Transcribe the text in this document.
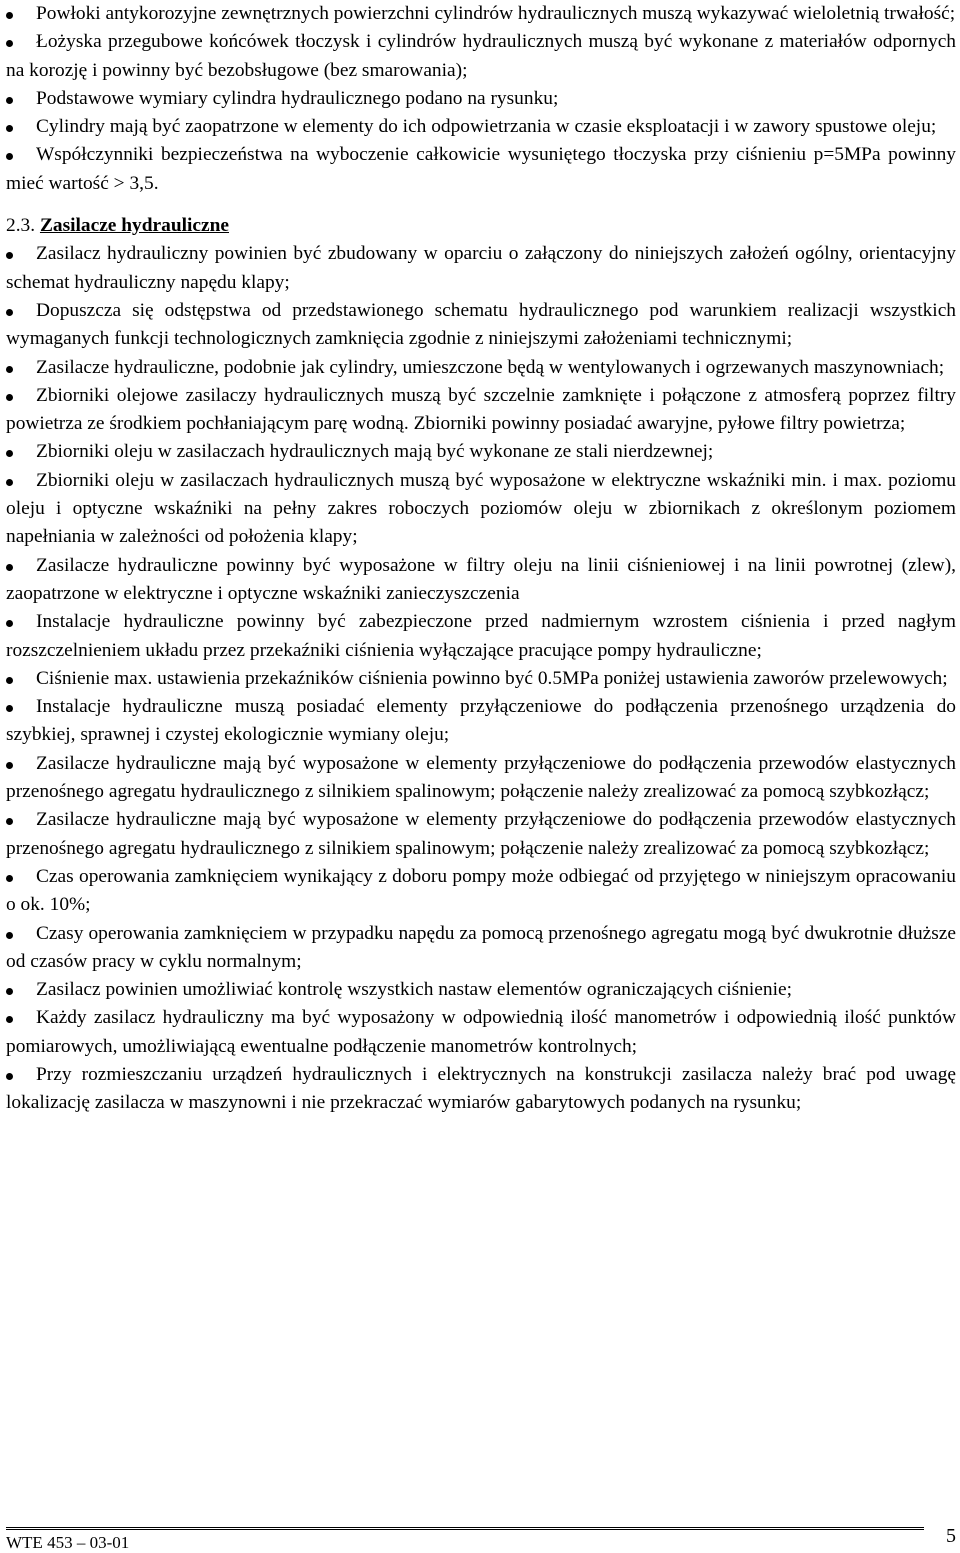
Powłoki antykorozyjne zewnętrznych powierzchni cylindrów hydraulicznych muszą wykazywać wieloletnią trwałość;
Łożyska przegubowe końcówek tłoczysk i cylindrów hydraulicznych muszą być wykonane z materiałów odpornych na korozję i powinny być bezobsługowe (bez smarowania);
Podstawowe wymiary cylindra hydraulicznego podano na rysunku;
Cylindry mają być zaopatrzone w elementy do ich odpowietrzania w czasie eksploatacji i w zawory spustowe oleju;
Współczynniki bezpieczeństwa na wyboczenie całkowicie wysuniętego tłoczyska przy ciśnieniu p=5MPa powinny mieć wartość > 3,5.
2.3. Zasilacze hydrauliczne
Zasilacz hydrauliczny powinien być zbudowany w oparciu o załączony do niniejszych założeń ogólny, orientacyjny schemat hydrauliczny napędu klapy;
Dopuszcza się odstępstwa od przedstawionego schematu hydraulicznego pod warunkiem realizacji wszystkich wymaganych funkcji technologicznych zamknięcia zgodnie z niniejszymi założeniami technicznymi;
Zasilacze hydrauliczne, podobnie jak cylindry, umieszczone będą w wentylowanych i ogrzewanych maszynowniach;
Zbiorniki olejowe zasilaczy hydraulicznych muszą być szczelnie zamknięte i połączone z atmosferą poprzez filtry powietrza ze środkiem pochłaniającym parę wodną. Zbiorniki powinny posiadać awaryjne, pyłowe filtry powietrza;
Zbiorniki oleju w zasilaczach hydraulicznych mają być wykonane ze stali nierdzewnej;
Zbiorniki oleju w zasilaczach hydraulicznych muszą być wyposażone w elektryczne wskaźniki min. i max. poziomu oleju i optyczne wskaźniki na pełny zakres roboczych poziomów oleju w zbiornikach z określonym poziomem napełniania w zależności od położenia klapy;
Zasilacze hydrauliczne powinny być wyposażone w filtry oleju na linii ciśnieniowej i na linii powrotnej (zlew), zaopatrzone w elektryczne i optyczne wskaźniki zanieczyszczenia
Instalacje hydrauliczne powinny być zabezpieczone przed nadmiernym wzrostem ciśnienia i przed nagłym rozszczelnieniem układu przez przekaźniki ciśnienia wyłączające pracujące pompy hydrauliczne;
Ciśnienie max. ustawienia przekaźników ciśnienia powinno być 0.5MPa poniżej ustawienia zaworów przelewowych;
Instalacje hydrauliczne muszą posiadać elementy przyłączeniowe do podłączenia przenośnego urządzenia do szybkiej, sprawnej i czystej ekologicznie wymiany oleju;
Zasilacze hydrauliczne mają być wyposażone w elementy przyłączeniowe do podłączenia przewodów elastycznych przenośnego agregatu hydraulicznego z silnikiem spalinowym; połączenie należy zrealizować za pomocą szybkozłącz;
Zasilacze hydrauliczne mają być wyposażone w elementy przyłączeniowe do podłączenia przewodów elastycznych przenośnego agregatu hydraulicznego z silnikiem spalinowym; połączenie należy zrealizować za pomocą szybkozłącz;
Czas operowania zamknięciem wynikający z doboru pompy może odbiegać od przyjętego w niniejszym opracowaniu o ok. 10%;
Czasy operowania zamknięciem w przypadku napędu za pomocą przenośnego agregatu mogą być dwukrotnie dłuższe od czasów pracy w cyklu normalnym;
Zasilacz powinien umożliwiać kontrolę wszystkich nastaw elementów ograniczających ciśnienie;
Każdy zasilacz hydrauliczny ma być wyposażony w odpowiednią ilość manometrów i odpowiednią ilość punktów pomiarowych, umożliwiającą ewentualne podłączenie manometrów kontrolnych;
Przy rozmieszczaniu urządzeń hydraulicznych i elektrycznych na konstrukcji zasilacza należy brać pod uwagę lokalizację zasilacza w maszynowni i nie przekraczać wymiarów gabarytowych podanych na rysunku;
WTE 453 – 03-01	5
